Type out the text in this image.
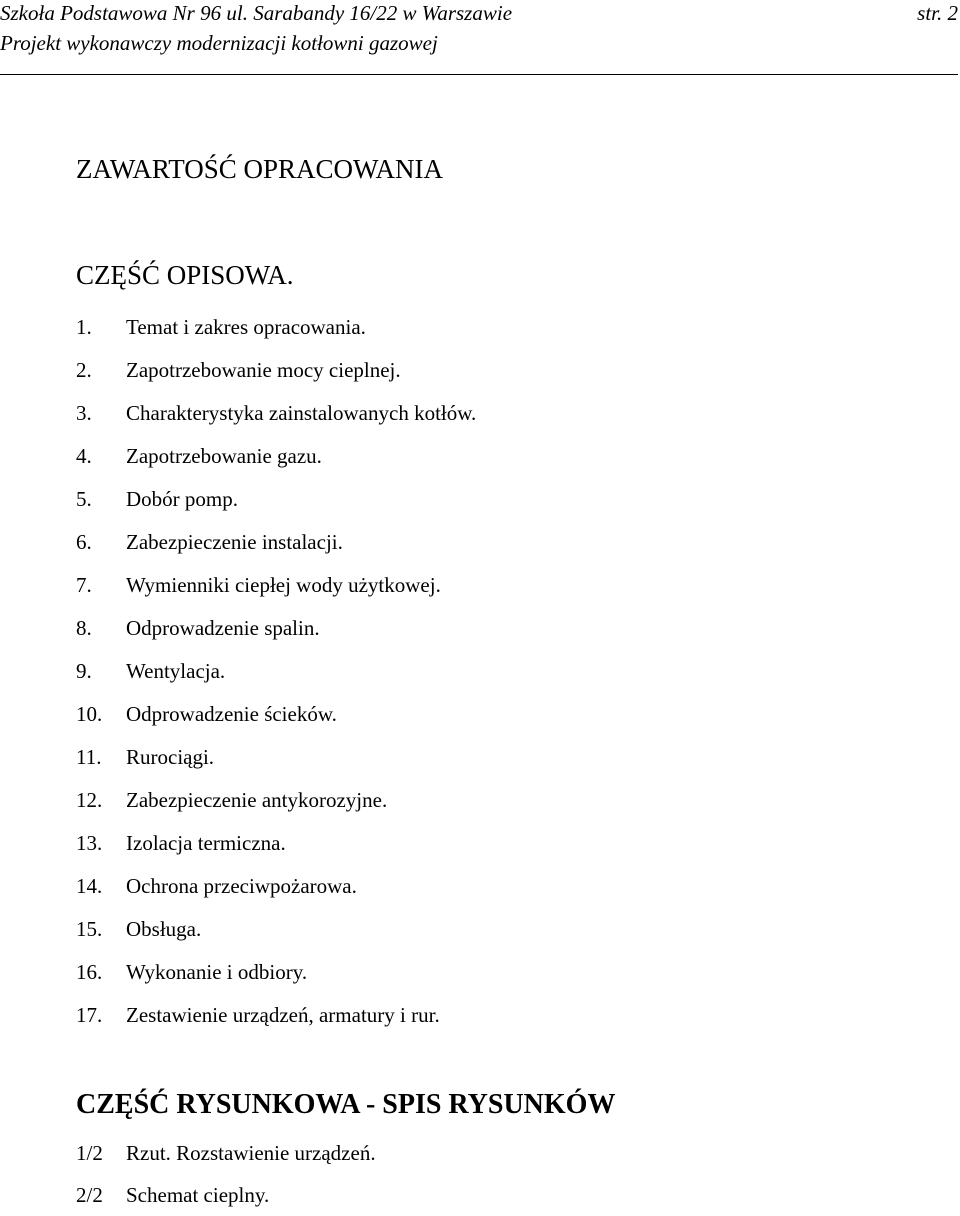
Szkoła Podstawowa Nr 96 ul. Sarabandy 16/22 w Warszawie
Projekt wykonawczy modernizacji kotłowni gazowej
str. 2
ZAWARTOŚĆ OPRACOWANIA
CZĘŚĆ OPISOWA.
1.	Temat i zakres opracowania.
2.	Zapotrzebowanie mocy cieplnej.
3.	Charakterystyka zainstalowanych kotłów.
4.	Zapotrzebowanie gazu.
5.	Dobór pomp.
6.	Zabezpieczenie instalacji.
7.	Wymienniki ciepłej wody użytkowej.
8.	Odprowadzenie spalin.
9.	Wentylacja.
10.	Odprowadzenie ścieków.
11.	Rurociągi.
12.	Zabezpieczenie antykorozyjne.
13.	Izolacja termiczna.
14.	Ochrona przeciwpożarowa.
15.	Obsługa.
16.	Wykonanie i odbiory.
17.	Zestawienie urządzeń, armatury i rur.
CZĘŚĆ RYSUNKOWA - SPIS RYSUNKÓW
1/2	Rzut. Rozstawienie urządzeń.
2/2	Schemat cieplny.
